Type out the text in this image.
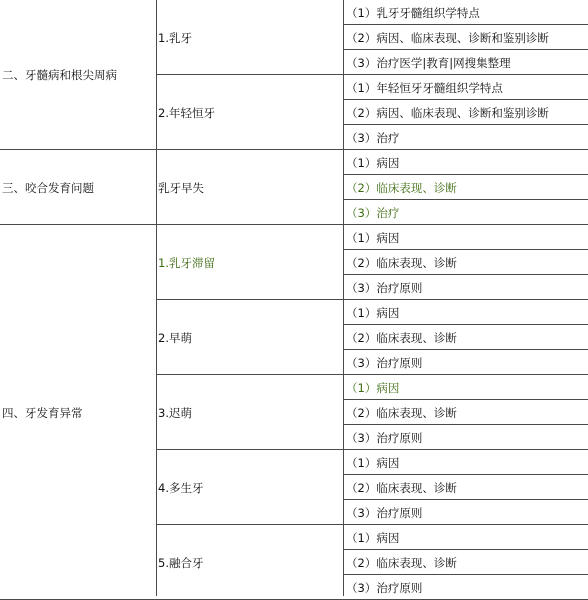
（1）乳牙牙髓组织学特点
（2）病因、临床表现、诊断和鉴别诊断
（3）治疗医学|教育|网搜集整理
1.乳牙
（1）年轻恒牙牙髓组织学特点
（2）病因、临床表现、诊断和鉴别诊断
（3）治疗
2.年轻恒牙
二、牙髓病和根尖周病
（1）病因
（2）临床表现、诊断
（3）治疗
乳牙早失
三、咬合发育问题
（1）病因
（2）临床表现、诊断
（3）治疗原则
1.乳牙滞留
（1）病因
（2）临床表现、诊断
（3）治疗原则
2.早萌
（1）病因
（2）临床表现、诊断
（3）治疗原则
3.迟萌
（1）病因
（2）临床表现、诊断
（3）治疗原则
4.多生牙
（1）病因
（2）临床表现、诊断
（3）治疗原则
5.融合牙
四、牙发育异常
